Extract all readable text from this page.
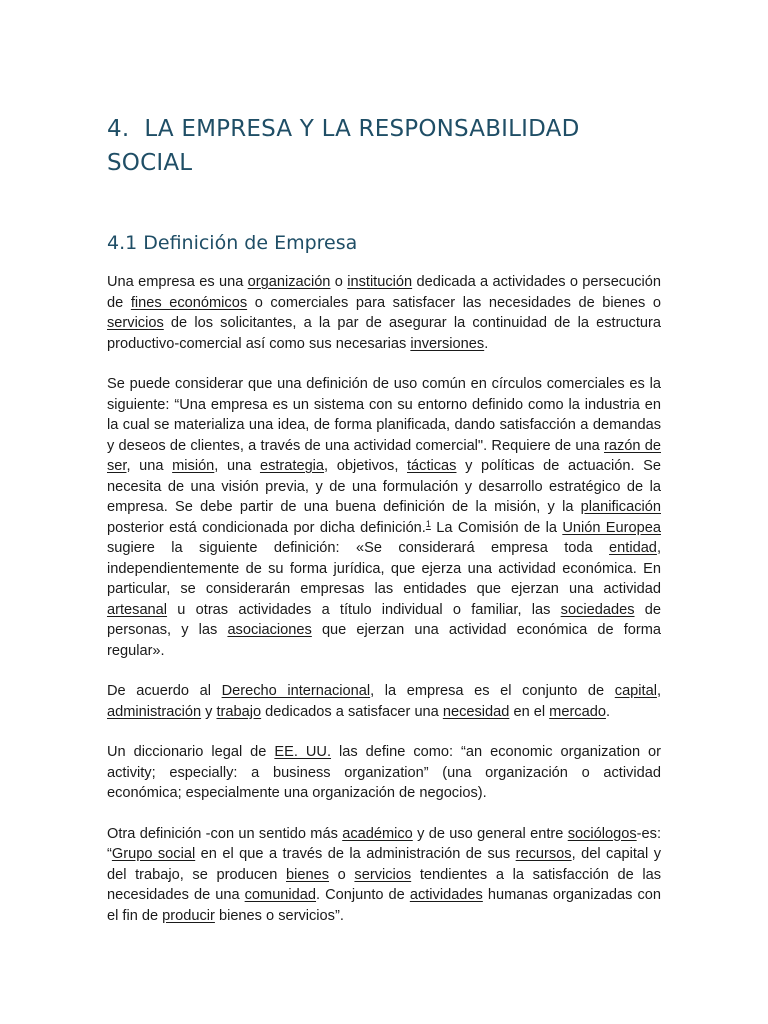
4. LA EMPRESA Y LA RESPONSABILIDAD
SOCIAL
4.1 Definición de Empresa

Una empresa es una organización o institución dedicada a actividades o persecución de fines económicos o comerciales para satisfacer las necesidades de bienes o servicios de los solicitantes, a la par de asegurar la continuidad de la estructura productivo-comercial así como sus necesarias inversiones.

Se puede considerar que una definición de uso común en círculos comerciales es la siguiente: “Una empresa es un sistema con su entorno definido como la industria en la cual se materializa una idea, de forma planificada, dando satisfacción a demandas y deseos de clientes, a través de una actividad comercial". Requiere de una razón de ser, una misión, una estrategia, objetivos, tácticas y políticas de actuación. Se necesita de una visión previa, y de una formulación y desarrollo estratégico de la empresa. Se debe partir de una buena definición de la misión, y la planificación posterior está condicionada por dicha definición.$^1$ La Comisión de la Unión Europea sugiere la siguiente definición: «Se considerará empresa toda entidad, independientemente de su forma jurídica, que ejerza una actividad económica. En particular, se considerarán empresas las entidades que ejerzan una actividad artesanal u otras actividades a título individual o familiar, las sociedades de personas, y las asociaciones que ejerzan una actividad económica de forma regular».

De acuerdo al Derecho internacional, la empresa es el conjunto de capital, administración y trabajo dedicados a satisfacer una necesidad en el mercado.

Un diccionario legal de EE. UU. las define como: “an economic organization or activity; especially: a business organization” (una organización o actividad económica; especialmente una organización de negocios).

Otra definición -con un sentido más académico y de uso general entre sociólogos-es: “Grupo social en el que a través de la administración de sus recursos, del capital y del trabajo, se producen bienes o servicios tendientes a la satisfacción de las necesidades de una comunidad. Conjunto de actividades humanas organizadas con el fin de producir bienes o servicios”.
